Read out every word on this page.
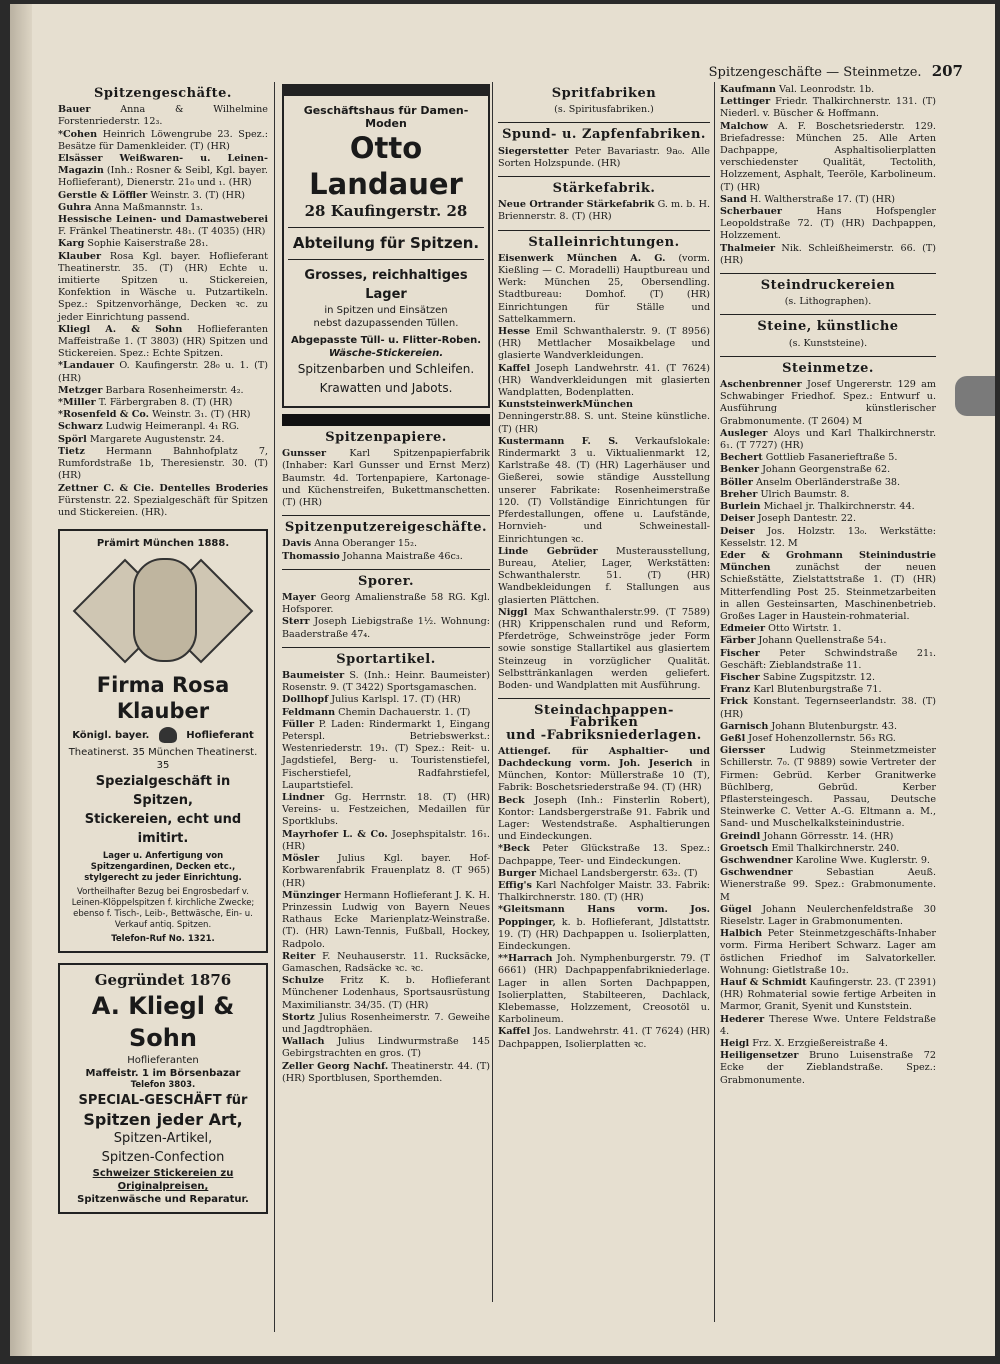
Spitzengeschäfte — Steinmetze. 207
Spitzengeschäfte.
Bauer	Anna & Wilhelmine Forstenriederstr. 12₃.
*Cohen Heinrich Löwengrube 23. Spez.: Besätze für Damenkleider. (T) (HR)
Elsässer Weißwaren- u. Leinen-Magazin (Inh.: Rosner & Seibl, Kgl. bayer. Hoflieferant), Dienerstr. 21₀ und ₁. (HR)
Gerstle & Löffler Weinstr. 3. (T) (HR)
Guhra Anna Maßmannstr. 1₃.
Hessische Leinen- und Damastweberei F. Fränkel Theatinerstr. 48₁. (T 4035) (HR)
Karg Sophie Kaiserstraße 28₁.
Klauber Rosa Kgl. bayer. Hoflieferant Theatinerstr. 35. (T) (HR) Echte u. imitierte Spitzen u. Stickereien, Konfektion in Wäsche u. Putzartikeln. Spez.: Spitzenvorhänge, Decken ꝛc. zu jeder Einrichtung passend.
Kliegl A. & Sohn Hoflieferanten Maffeistraße 1. (T 3803) (HR) Spitzen und Stickereien. Spez.: Echte Spitzen.
*Landauer O. Kaufingerstr. 28₀ u. 1. (T) (HR)
Metzger Barbara Rosenheimerstr. 4₂.
*Miller T. Färbergraben 8. (T) (HR)
*Rosenfeld & Co. Weinstr. 3₁. (T) (HR)
Schwarz Ludwig Heimeranpl. 4₁ RG.
Spörl Margarete Augustenstr. 24.
Tietz Hermann Bahnhofplatz 7, Rumfordstraße 1b, Theresienstr. 30. (T) (HR)
Zettner C. & Cie. Dentelles Broderies Fürstenstr. 22. Spezialgeschäft für Spitzen und Stickereien. (HR).
Prämirt München 1888.
Firma Rosa Klauber
Königl. bayer.	Hoflieferant
Theatinerst. 35 München Theatinerst. 35
Spezialgeschäft in Spitzen,
Stickereien, echt und imitirt.
Lager u. Anfertigung von Spitzengardinen, Decken etc., stylgerecht zu jeder Einrichtung.
Vortheilhafter Bezug bei Engrosbedarf v. Leinen-Klöppelspitzen f. kirchliche Zwecke; ebenso f. Tisch-, Leib-, Bettwäsche, Ein- u. Verkauf antiq. Spitzen.
Telefon-Ruf No. 1321.
Gegründet 1876
A. Kliegl & Sohn
Hoflieferanten
Maffeistr. 1 im Börsenbazar
Telefon 3803.
SPECIAL-GESCHÄFT für
Spitzen jeder Art,
Spitzen-Artikel,
Spitzen-Confection
Schweizer Stickereien zu
Originalpreisen,
Spitzenwäsche und Reparatur.
Geschäftshaus für Damen-Moden
Otto Landauer
28 Kaufingerstr. 28
Abteilung für Spitzen.
Grosses, reichhaltiges Lager
in Spitzen und Einsätzen
nebst dazupassenden Tüllen.
Abgepasste Tüll- u. Flitter-Roben.
Wäsche-Stickereien.
Spitzenbarben und Schleifen.
Krawatten und Jabots.
Spitzenpapiere.
Gunsser Karl Spitzenpapierfabrik (Inhaber: Karl Gunsser und Ernst Merz) Baumstr. 4d. Tortenpapiere, Kartonage- und Küchenstreifen, Bukettmanschetten. (T) (HR)
Spitzenputzereigeschäfte.
Davis Anna Oberanger 15₂.
Thomassio Johanna Maistraße 46c₃.
Sporer.
Mayer Georg Amalienstraße 58 RG. Kgl. Hofsporer.
Sterr Joseph Liebigstraße 1½. Wohnung: Baaderstraße 47₄.
Sportartikel.
Baumeister S. (Inh.: Heinr. Baumeister) Rosenstr. 9. (T 3422) Sportsgamaschen.
Dollhopf Julius Karlspl. 17. (T) (HR)
Feldmann Chemin Dachauerstr. 1. (T)
Füller P. Laden: Rindermarkt 1, Eingang Peterspl. Betriebswerkst.: Westenriederstr. 19₁. (T) Spez.: Reit- u. Jagdstiefel, Berg- u. Touristenstiefel, Fischerstiefel, Radfahrstiefel, Laupartstiefel.
Lindner Gg. Herrnstr. 18. (T) (HR) Vereins- u. Festzeichen, Medaillen für Sportklubs.
Mayrhofer L. & Co. Josephspitalstr. 16₁. (HR)
Mösler Julius Kgl. bayer. Hof-Korbwarenfabrik Frauenplatz 8. (T 965) (HR)
Münzinger Hermann Hoflieferant J. K. H. Prinzessin Ludwig von Bayern Neues Rathaus Ecke Marienplatz-Weinstraße. (T). (HR) Lawn-Tennis, Fußball, Hockey, Radpolo.
Reiter F. Neuhauserstr. 11. Rucksäcke, Gamaschen, Radsäcke ꝛc. ꝛc.
Schulze Fritz K. b. Hoflieferant Münchener Lodenhaus, Sportsausrüstung Maximilianstr. 34/35. (T) (HR)
Stortz Julius Rosenheimerstr. 7. Geweihe und Jagdtrophäen.
Wallach Julius Lindwurmstraße 145 Gebirgstrachten en gros. (T)
Zeller Georg Nachf. Theatinerstr. 44. (T) (HR) Sportblusen, Sporthemden.
Spritfabriken
(s. Spiritusfabriken.)
Spund- u. Zapfenfabriken.
Siegerstetter Peter Bavariastr. 9a₀. Alle Sorten Holzspunde. (HR)
Stärkefabrik.
Neue Ortrander Stärkefabrik G. m. b. H. Briennerstr. 8. (T) (HR)
Stalleinrichtungen.
Eisenwerk München A. G. (vorm. Kießling — C. Moradelli) Hauptbureau und Werk: München 25, Obersendling. Stadtbureau: Domhof. (T) (HR) Einrichtungen für Ställe und Sattelkammern.
Hesse Emil Schwanthalerstr. 9. (T 8956) (HR) Mettlacher Mosaikbelage und glasierte Wandverkleidungen.
Kaffel Joseph Landwehrstr. 41. (T 7624) (HR) Wandverkleidungen mit glasierten Wandplatten, Bodenplatten.
KunststeinwerkMünchen Denningerstr.88. S. unt. Steine künstliche. (T) (HR)
Kustermann F. S. Verkaufslokale: Rindermarkt 3 u. Viktualienmarkt 12, Karlstraße 48. (T) (HR) Lagerhäuser und Gießerei, sowie ständige Ausstellung unserer Fabrikate: Rosenheimerstraße 120. (T) Vollständige Einrichtungen für Pferdestallungen, offene u. Laufstände, Hornvieh- und Schweinestall-Einrichtungen ꝛc.
Linde Gebrüder Musterausstellung, Bureau, Atelier, Lager, Werkstätten: Schwanthalerstr. 51. (T) (HR) Wandbekleidungen f. Stallungen aus glasierten Plättchen.
Niggl Max Schwanthalerstr.99. (T 7589) (HR) Krippenschalen rund und Reform, Pferdetröge, Schweinströge jeder Form sowie sonstige Stallartikel aus glasiertem Steinzeug in vorzüglicher Qualität. Selbsttränkanlagen werden geliefert. Boden- und Wandplatten mit Ausführung.
Steindachpappen-
Fabriken
und -Fabriksniederlagen.
Attiengef. für Asphaltier- und Dachdeckung vorm. Joh. Jeserich in München, Kontor: Müllerstraße 10 (T), Fabrik: Boschetsriederstraße 94. (T) (HR)
Beck Joseph (Inh.: Finsterlin Robert), Kontor: Landsbergerstraße 91. Fabrik und Lager: Westendstraße. Asphaltierungen und Eindeckungen.
*Beck Peter Glückstraße 13. Spez.: Dachpappe, Teer- und Eindeckungen.
Burger Michael Landsbergerstr. 63₂. (T)
Effig's Karl Nachfolger Maistr. 33. Fabrik: Thalkirchnerstr. 180. (T) (HR)
*Gleitsmann Hans vorm. Jos. Poppinger, k. b. Hoflieferant, Jdlstattstr. 19. (T) (HR) Dachpappen u. Isolierplatten, Eindeckungen.
**Harrach Joh. Nymphenburgerstr. 79. (T 6661) (HR) Dachpappenfabrikniederlage. Lager in allen Sorten Dachpappen, Isolierplatten, Stabilteeren, Dachlack, Klebemasse, Holzzement, Creosotöl u. Karbolineum.
Kaffel Jos. Landwehrstr. 41. (T 7624) (HR) Dachpappen, Isolierplatten ꝛc.
Kaufmann Val. Leonrodstr. 1b.
Lettinger Friedr. Thalkirchnerstr. 131. (T) Niederl. v. Büscher & Hoffmann.
Malchow A. F. Boschetsriederstr. 129. Briefadresse: München 25. Alle Arten Dachpappe, Asphaltisolierplatten verschiedenster Qualität, Tectolith, Holzzement, Asphalt, Teeröle, Karbolineum. (T) (HR)
Sand H. Waltherstraße 17. (T) (HR)
Scherbauer	Hans Hofspengler Leopoldstraße 72. (T) (HR) Dachpappen, Holzzement.
Thalmeier Nik. Schleißheimerstr. 66. (T) (HR)
Steindruckereien
(s. Lithographen).
Steine, künstliche
(s. Kunststeine).
Steinmetze.
Aschenbrenner Josef Ungererstr. 129 am Schwabinger Friedhof. Spez.: Entwurf u. Ausführung künstlerischer Grabmonumente. (T 2604) M
Ausleger Aloys und Karl Thalkirchnerstr. 6₁. (T 7727) (HR)
Bechert Gottlieb Fasanerieftraße 5.
Benker Johann Georgenstraße 62.
Böller Anselm Oberländerstraße 38.
Breher Ulrich Baumstr. 8.
Burlein Michael jr. Thalkirchnerstr. 44.
Deiser Joseph Dantestr. 22.
Deiser Jos. Holzstr. 13₀. Werkstätte: Kesselstr. 12. M
Eder & Grohmann Steinindustrie München	zunächst der neuen Schießstätte, Zielstattstraße 1. (T) (HR) Mitterfendling Post 25. Steinmetzarbeiten in allen Gesteinsarten, Maschinenbetrieb. Großes Lager in Haustein-rohmaterial.
Edmeier Otto Wirtstr. 1.
Färber Johann Quellenstraße 54₁.
Fischer Peter Schwindstraße 21₁. Geschäft: Zieblandstraße 11.
Fischer Sabine Zugspitzstr. 12.
Franz Karl Blutenburgstraße 71.
Frick Konstant. Tegernseerlandstr. 38. (T) (HR)
Garnisch Johann Blutenburgstr. 43.
Geßl Josef Hohenzollernstr. 56₃ RG.
Giersser	Ludwig Steinmetzmeister Schillerstr. 7₀. (T 9889) sowie Vertreter der Firmen: Gebrüd. Kerber Granitwerke Büchlberg, Gebrüd. Kerber Pflastersteingesch. Passau, Deutsche Steinwerke C. Vetter A.-G. Eltmann a. M., Sand- und Muschelkalksteinindustrie.
Greindl Johann Görresstr. 14. (HR)
Groetsch Emil Thalkirchnerstr. 240.
Gschwendner Karoline Wwe. Kuglerstr. 9.
Gschwendner	Sebastian Aeuß. Wienerstraße 99. Spez.: Grabmonumente. M
Gügel Johann Neulerchenfeldstraße 30 Rieselstr. Lager in Grabmonumenten.
Halbich Peter Steinmetzgeschäfts-Inhaber vorm. Firma Heribert Schwarz. Lager am östlichen Friedhof im Salvatorkeller. Wohnung: Gietlstraße 10₂.
Hauf & Schmidt Kaufingerstr. 23. (T 2391) (HR) Rohmaterial sowie fertige Arbeiten in Marmor, Granit, Syenit und Kunststein.
Hederer Therese Wwe. Untere Feldstraße 4.
Heigl Frz. X. Erzgießereistraße 4.
Heiligensetzer Bruno Luisenstraße 72 Ecke der Zieblandstraße. Spez.: Grabmonumente.
